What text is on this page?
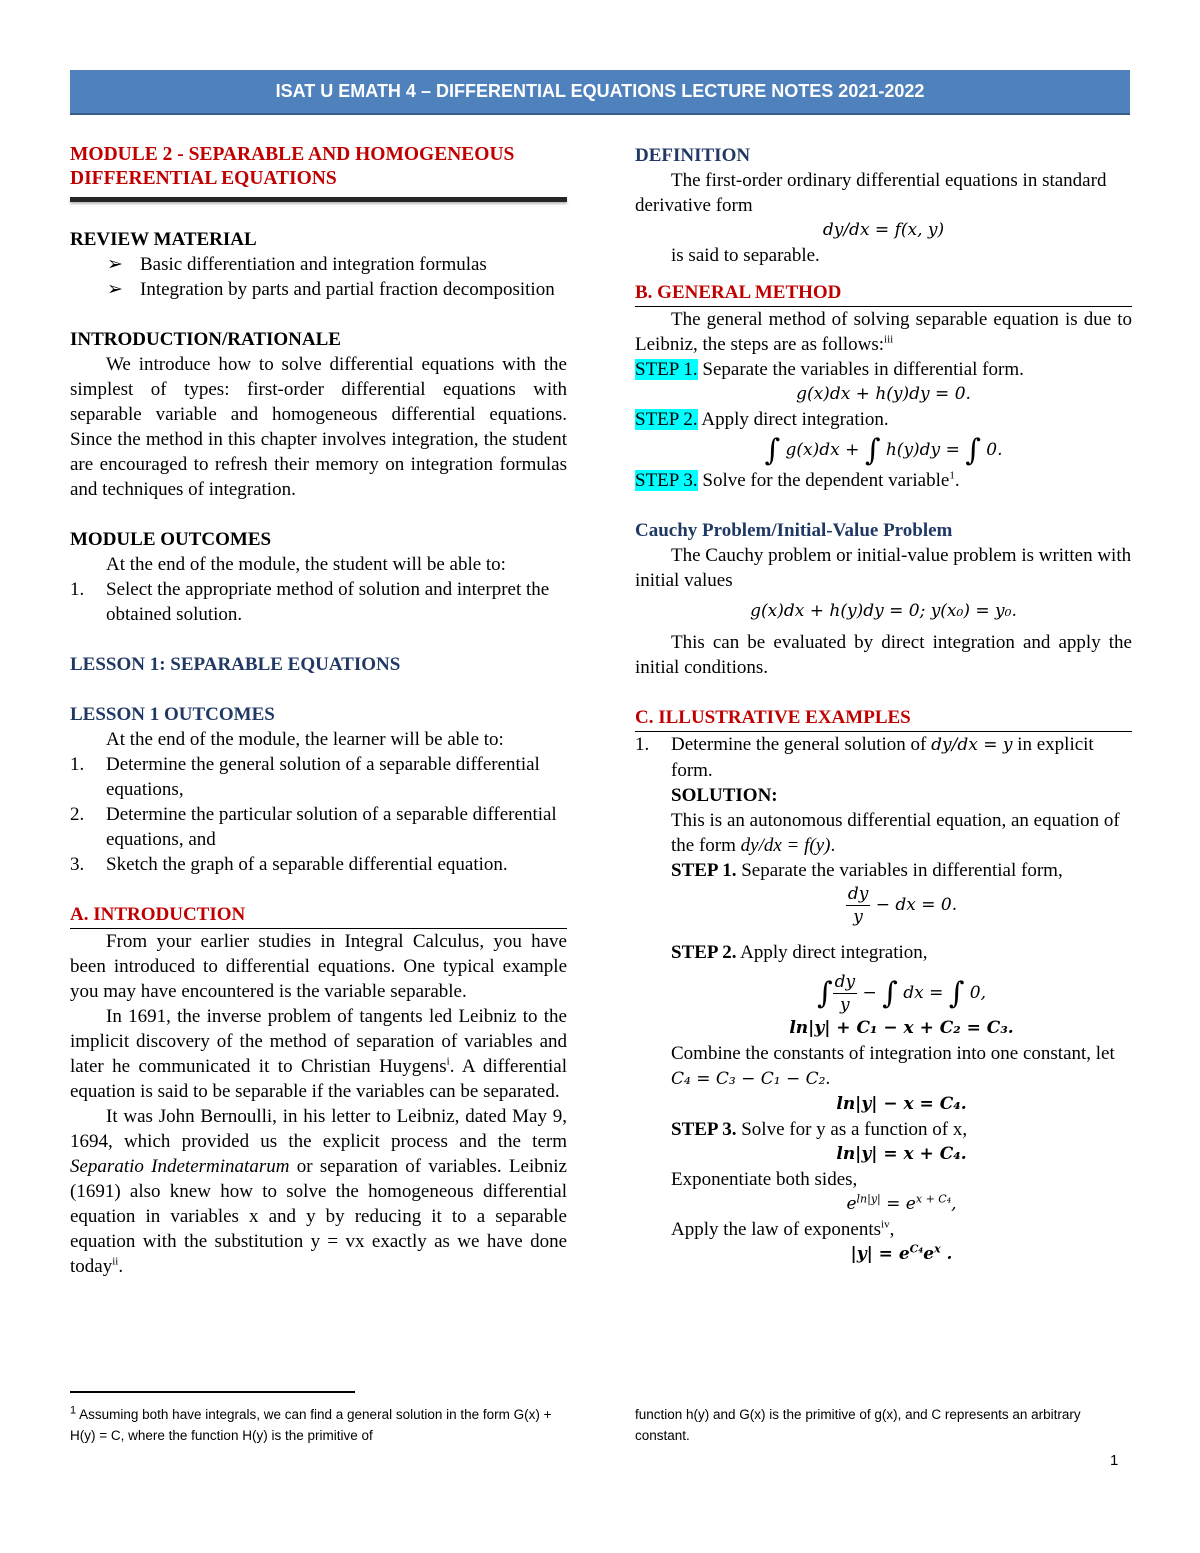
ISAT U EMATH 4 – DIFFERENTIAL EQUATIONS LECTURE NOTES 2021-2022

MODULE 2 - SEPARABLE AND HOMOGENEOUS DIFFERENTIAL EQUATIONS

REVIEW MATERIAL

➢ Basic differentiation and integration formulas
➢ Integration by parts and partial fraction decomposition

INTRODUCTION/RATIONALE

We introduce how to solve differential equations with the simplest of types: first-order differential equations with separable variable and homogeneous differential equations. Since the method in this chapter involves integration, the student are encouraged to refresh their memory on integration formulas and techniques of integration.

MODULE OUTCOMES

At the end of the module, the student will be able to:

1. Select the appropriate method of solution and interpret the obtained solution.

LESSON 1: SEPARABLE EQUATIONS

LESSON 1 OUTCOMES

At the end of the module, the learner will be able to:

1. Determine the general solution of a separable differential equations,
2. Determine the particular solution of a separable differential equations, and
3. Sketch the graph of a separable differential equation.

A. INTRODUCTION

From your earlier studies in Integral Calculus, you have been introduced to differential equations. One typical example you may have encountered is the variable separable.

In 1691, the inverse problem of tangents led Leibniz to the implicit discovery of the method of separation of variables and later he communicated it to Christian Huygens$^i$. A differential equation is said to be separable if the variables can be separated.

It was John Bernoulli, in his letter to Leibniz, dated May 9, 1694, which provided us the explicit process and the term Separatio Indeterminatarum or separation of variables. Leibniz (1691) also knew how to solve the homogeneous differential equation in variables x and y by reducing it to a separable equation with the substitution y = vx exactly as we have done today$^{ii}$.

DEFINITION

The first-order ordinary differential equations in standard derivative form

dy/dx = f(x, y)

is said to separable.

B. GENERAL METHOD

The general method of solving separable equation is due to Leibniz, the steps are as follows:$^{iii}$

STEP 1. Separate the variables in differential form.

g(x)dx + h(y)dy = 0.

STEP 2. Apply direct integration.

∫ g(x)dx + ∫ h(y)dy = ∫ 0.

STEP 3. Solve for the dependent variable$^1$.

Cauchy Problem/Initial-Value Problem

The Cauchy problem or initial-value problem is written with initial values

g(x)dx + h(y)dy = 0; y(x₀) = y₀.

This can be evaluated by direct integration and apply the initial conditions.

C. ILLUSTRATIVE EXAMPLES

1. Determine the general solution of dy/dx = y in explicit form.

SOLUTION:

This is an autonomous differential equation, an equation of the form dy/dx = f(y).

STEP 1. Separate the variables in differential form,

$\frac{dy}{y}$ − dx = 0.

STEP 2. Apply direct integration,

∫ $\frac{dy}{y}$ − ∫ dx = ∫ 0,

ln|y| + C₁ − x + C₂ = C₃.

Combine the constants of integration into one constant, let C₄ = C₃ − C₁ − C₂.

ln|y| − x = C₄.

STEP 3. Solve for y as a function of x,

ln|y| = x + C₄.

Exponentiate both sides,

$e^{ln|y|} = e^{x + C_4}$,

Apply the law of exponents$^{iv}$,

$|y| = e^{C_4}e^x$ .

$^1$ Assuming both have integrals, we can find a general solution in the form G(x) + H(y) = C, where the function H(y) is the primitive of

function h(y) and G(x) is the primitive of g(x), and C represents an arbitrary constant.

1
